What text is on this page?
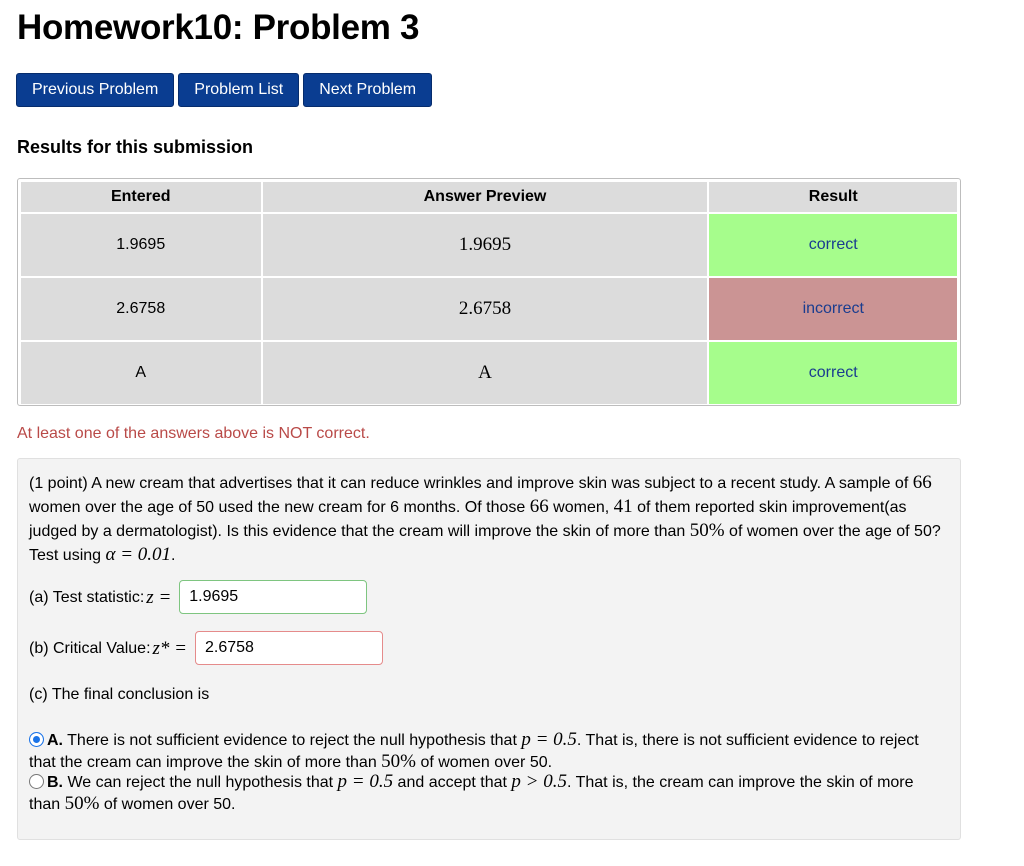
Homework10: Problem 3
Previous Problem	Problem List	Next Problem
Results for this submission
Entered	Answer Preview	Result
1.9695	1.9695	correct
2.6758	2.6758	incorrect
A	A	correct
At least one of the answers above is NOT correct.
(1 point) A new cream that advertises that it can reduce wrinkles and improve skin was subject to a recent study. A sample of 66 women over the age of 50 used the new cream for 6 months. Of those 66 women, 41 of them reported skin improvement(as judged by a dermatologist). Is this evidence that the cream will improve the skin of more than 50% of women over the age of 50? Test using α = 0.01.
(a) Test statistic: z =
1.9695
(b) Critical Value: z* =
2.6758
(c) The final conclusion is
A. There is not sufficient evidence to reject the null hypothesis that p = 0.5. That is, there is not sufficient evidence to reject that the cream can improve the skin of more than 50% of women over 50.
B. We can reject the null hypothesis that p = 0.5 and accept that p > 0.5. That is, the cream can improve the skin of more than 50% of women over 50.
